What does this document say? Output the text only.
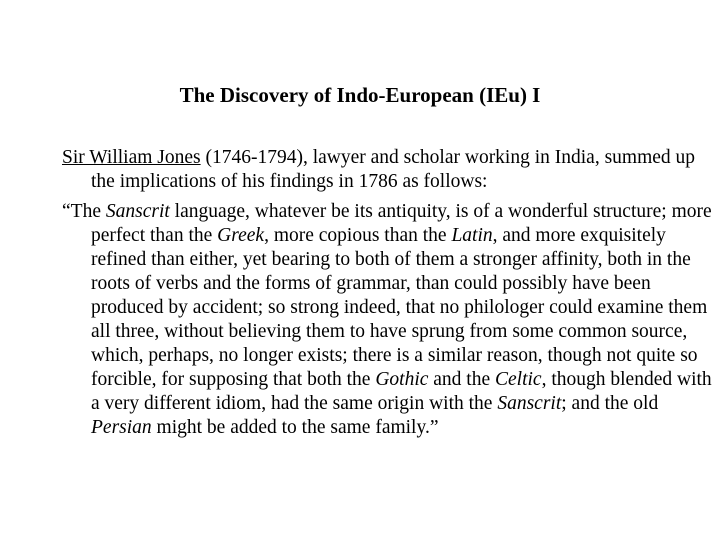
The Discovery of Indo-European (IEu) I

Sir William Jones (1746-1794), lawyer and scholar working in India, summed up the implications of his findings in 1786 as follows:

“The Sanscrit language, whatever be its antiquity, is of a wonderful structure; more perfect than the Greek, more copious than the Latin, and more exquisitely refined than either, yet bearing to both of them a stronger affinity, both in the roots of verbs and the forms of grammar, than could possibly have been produced by accident; so strong indeed, that no philologer could examine them all three, without believing them to have sprung from some common source, which, perhaps, no longer exists; there is a similar reason, though not quite so forcible, for supposing that both the Gothic and the Celtic, though blended with a very different idiom, had the same origin with the Sanscrit; and the old Persian might be added to the same family.”
